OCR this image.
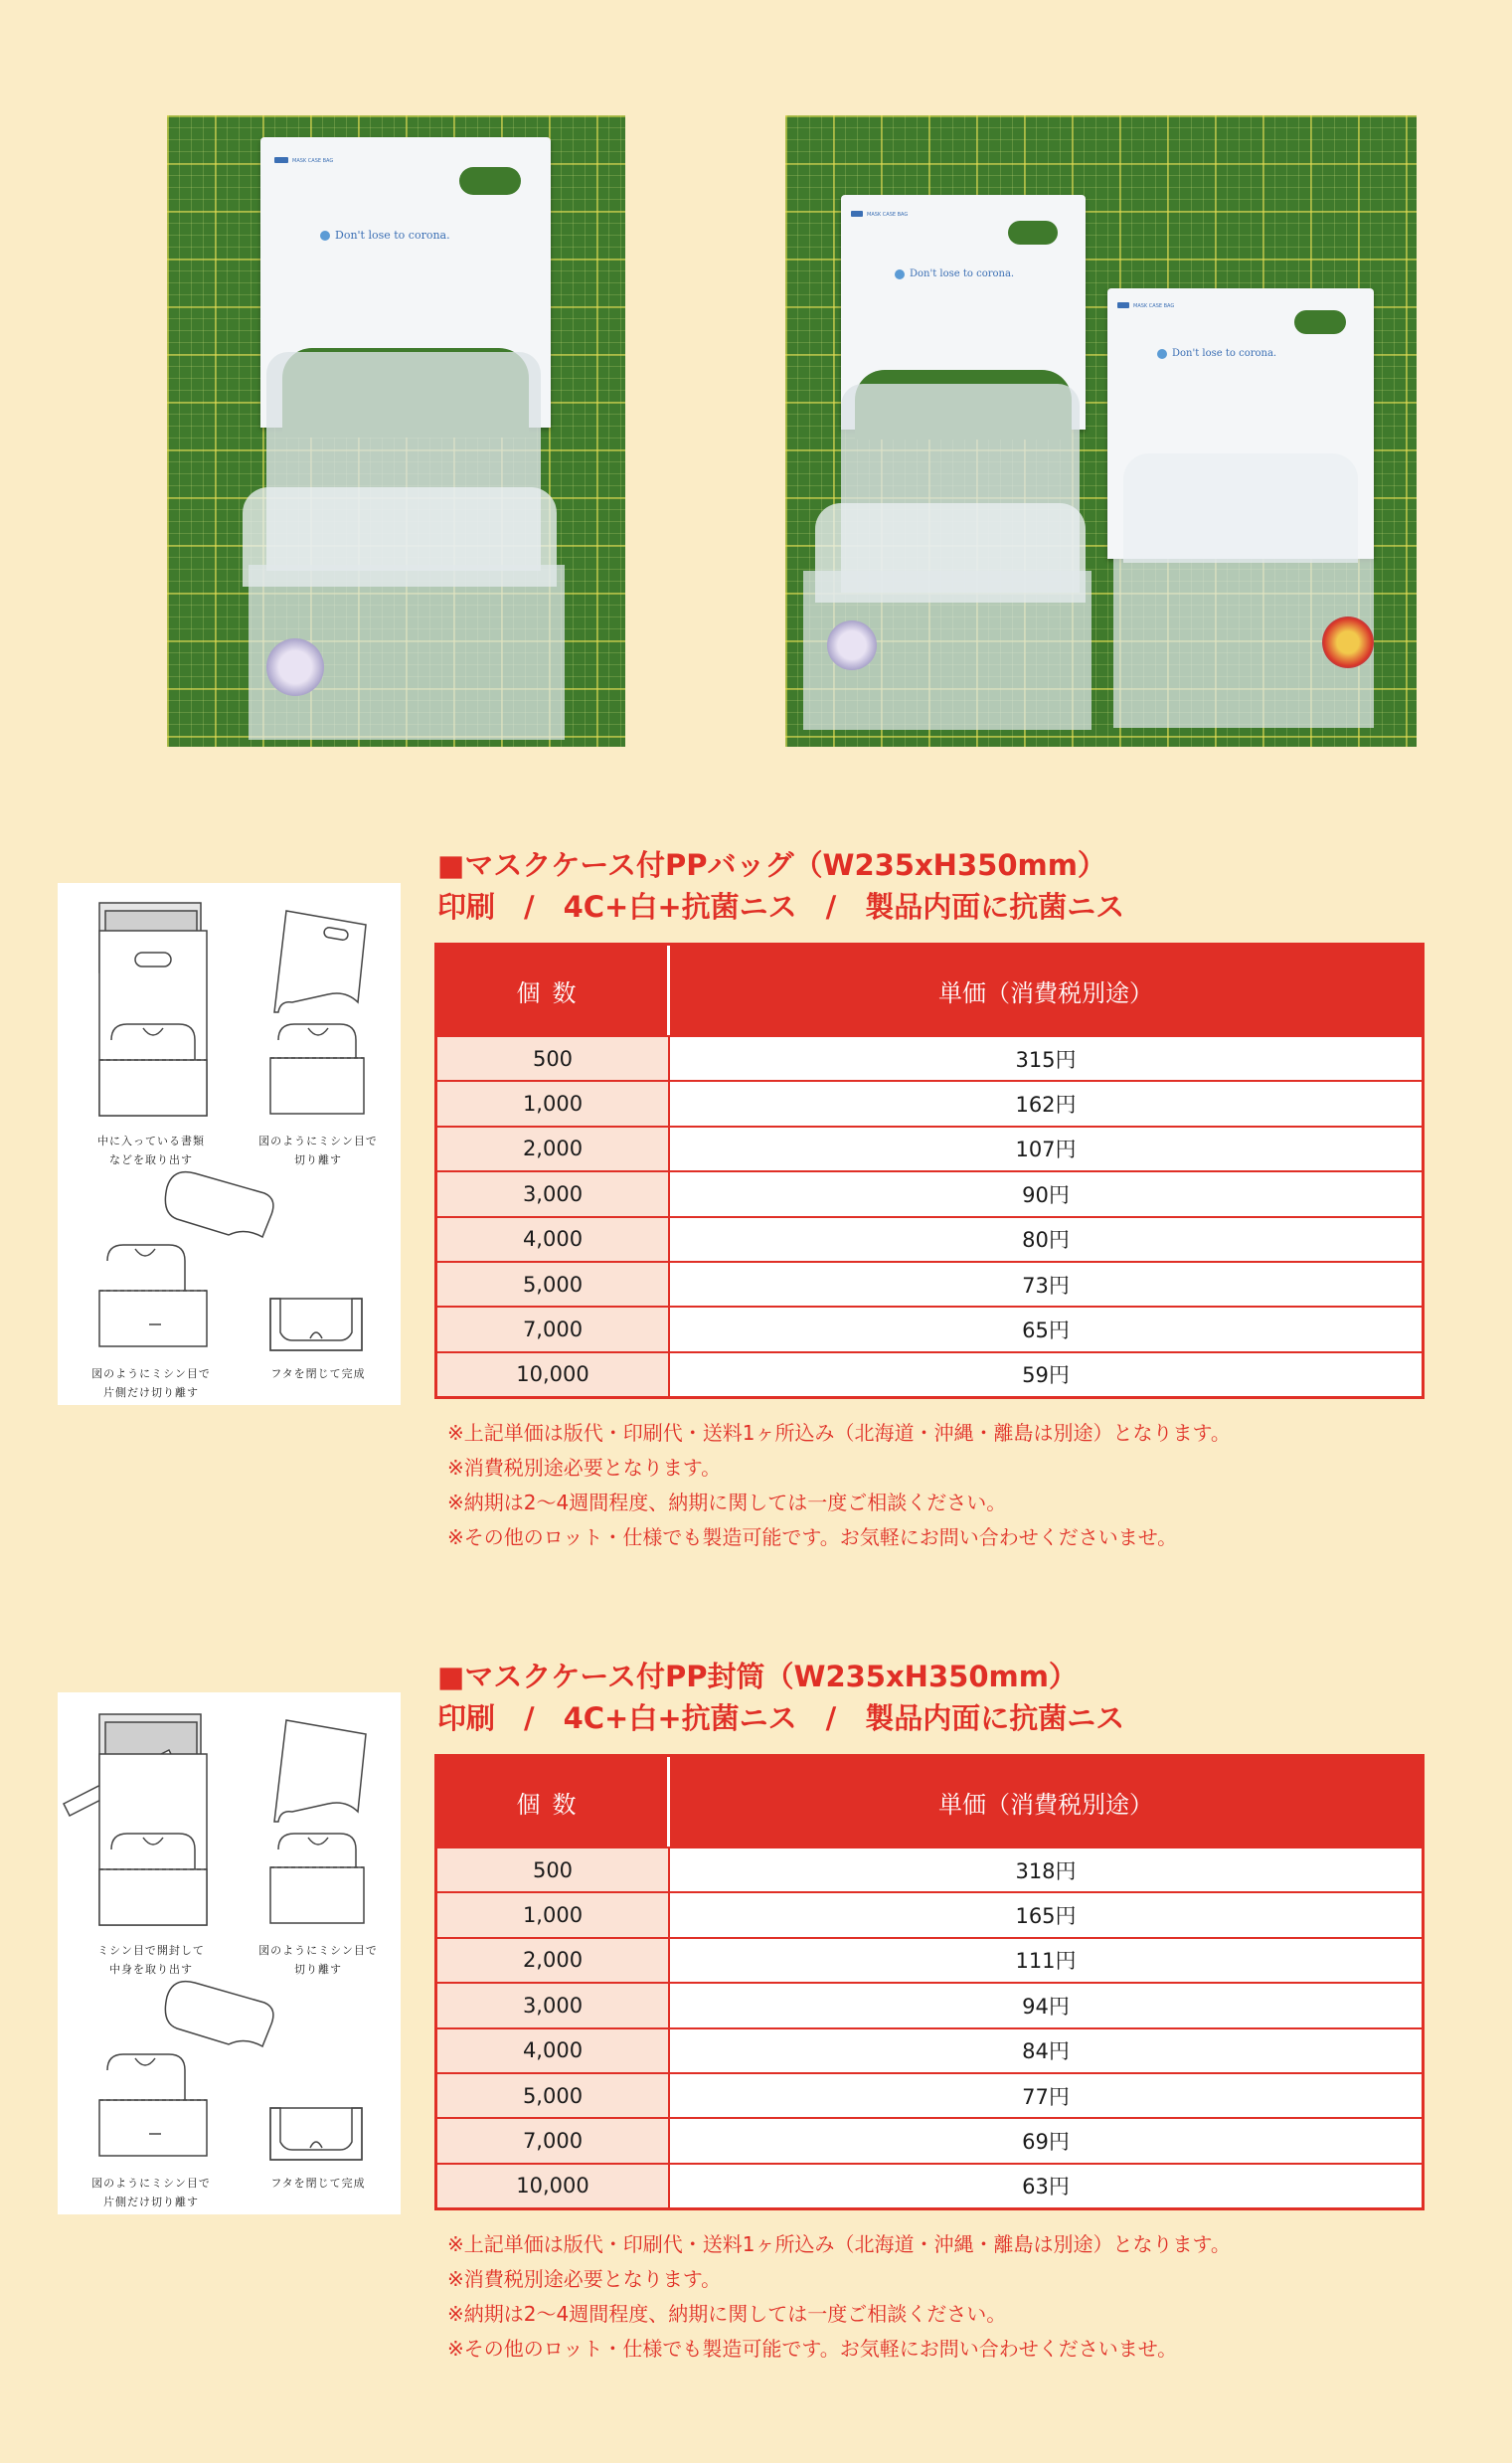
MASK CASE BAG
Don't lose to corona.
MASK CASE BAG
Don't lose to corona.
MASK CASE BAG
Don't lose to corona.
中に入っている書類
などを取り出す
図のようにミシン目で
切り離す
図のようにミシン目で
片側だけ切り離す
フタを閉じて完成
■マスクケース付PPバッグ（W235xH350mm）
印刷　/　4C+白+抗菌ニス　/　製品内面に抗菌ニス
個数	単価（消費税別途）
500	315円
1,000	162円
2,000	107円
3,000	90円
4,000	80円
5,000	73円
7,000	65円
10,000	59円
※上記単価は版代・印刷代・送料1ヶ所込み（北海道・沖縄・離島は別途）となります。
※消費税別途必要となります。
※納期は2〜4週間程度、納期に関しては一度ご相談ください。
※その他のロット・仕様でも製造可能です。お気軽にお問い合わせくださいませ。
ミシン目で開封して
中身を取り出す
図のようにミシン目で
切り離す
図のようにミシン目で
片側だけ切り離す
フタを閉じて完成
■マスクケース付PP封筒（W235xH350mm）
印刷　/　4C+白+抗菌ニス　/　製品内面に抗菌ニス
個数	単価（消費税別途）
500	318円
1,000	165円
2,000	111円
3,000	94円
4,000	84円
5,000	77円
7,000	69円
10,000	63円
※上記単価は版代・印刷代・送料1ヶ所込み（北海道・沖縄・離島は別途）となります。
※消費税別途必要となります。
※納期は2〜4週間程度、納期に関しては一度ご相談ください。
※その他のロット・仕様でも製造可能です。お気軽にお問い合わせくださいませ。
